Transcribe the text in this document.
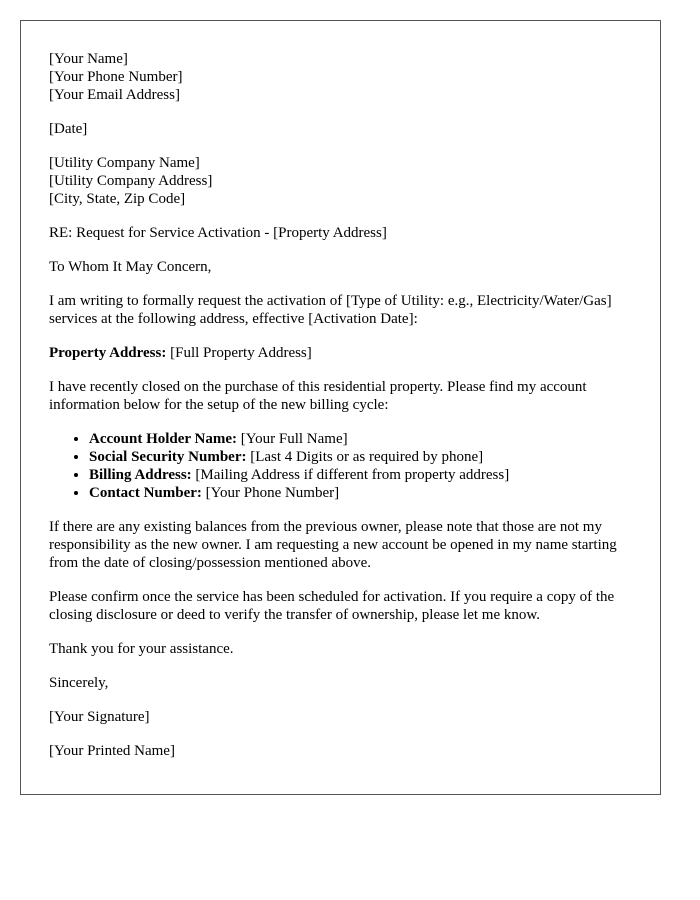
[Your Name]
[Your Phone Number]
[Your Email Address]

[Date]

[Utility Company Name]
[Utility Company Address]
[City, State, Zip Code]

RE: Request for Service Activation - [Property Address]

To Whom It May Concern,

I am writing to formally request the activation of [Type of Utility: e.g., Electricity/Water/Gas] services at the following address, effective [Activation Date]:

Property Address: [Full Property Address]

I have recently closed on the purchase of this residential property. Please find my account information below for the setup of the new billing cycle:

• Account Holder Name: [Your Full Name]
• Social Security Number: [Last 4 Digits or as required by phone]
• Billing Address: [Mailing Address if different from property address]
• Contact Number: [Your Phone Number]

If there are any existing balances from the previous owner, please note that those are not my responsibility as the new owner. I am requesting a new account be opened in my name starting from the date of closing/possession mentioned above.

Please confirm once the service has been scheduled for activation. If you require a copy of the closing disclosure or deed to verify the transfer of ownership, please let me know.

Thank you for your assistance.

Sincerely,

[Your Signature]

[Your Printed Name]
